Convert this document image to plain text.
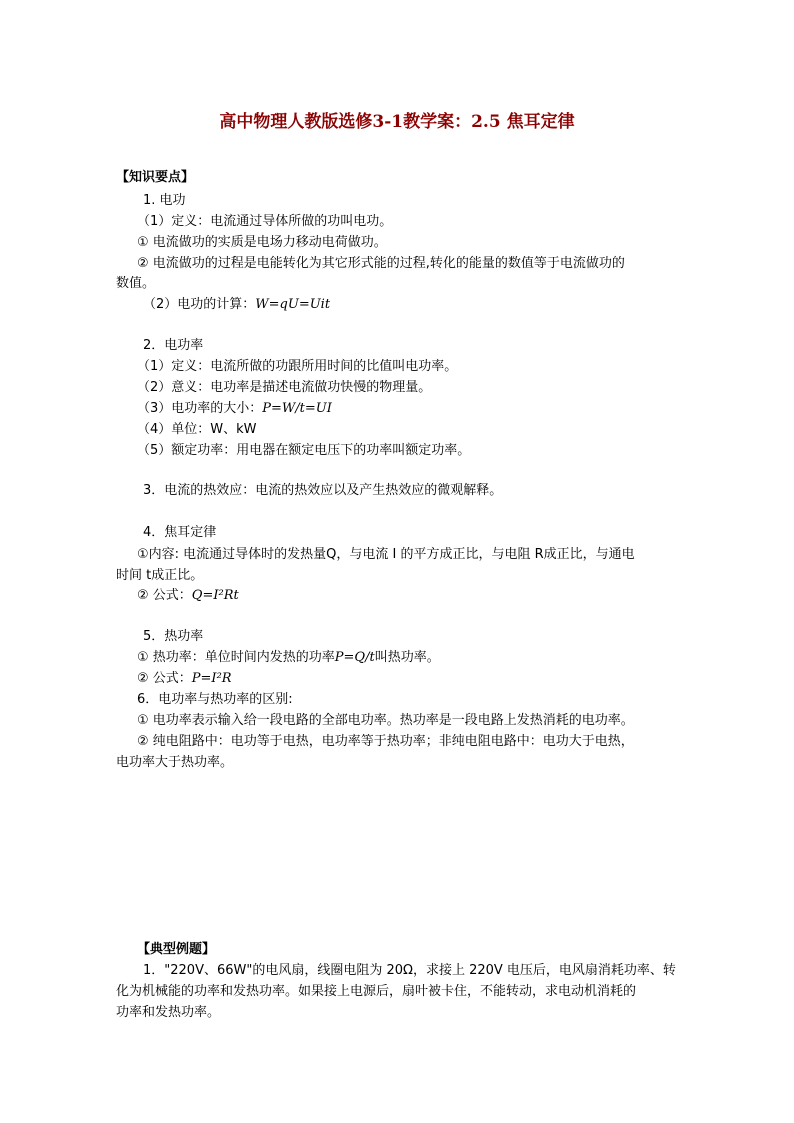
高中物理人教版选修3-1教学案：2.5 焦耳定律
【知识要点】
1. 电功
（1）定义：电流通过导体所做的功叫电功。
① 电流做功的实质是电场力移动电荷做功。
② 电流做功的过程是电能转化为其它形式能的过程,转化的能量的数值等于电流做功的
数值。
（2）电功的计算：W=qU=Uit
2．电功率
（1）定义：电流所做的功跟所用时间的比值叫电功率。
（2）意义：电功率是描述电流做功快慢的物理量。
（3）电功率的大小：P=W/t=UI
（4）单位：W、kW
（5）额定功率：用电器在额定电压下的功率叫额定功率。
3．电流的热效应：电流的热效应以及产生热效应的微观解释。
4．焦耳定律
①内容: 电流通过导体时的发热量Q，与电流 I 的平方成正比，与电阻 R成正比，与通电
时间 t成正比。
② 公式：Q=I²Rt
5．热功率
① 热功率：单位时间内发热的功率P=Q/t叫热功率。
② 公式：P=I²R
6．电功率与热功率的区别:
① 电功率表示输入给一段电路的全部电功率。热功率是一段电路上发热消耗的电功率。
② 纯电阻路中：电功等于电热，电功率等于热功率；非纯电阻电路中：电功大于电热，
电功率大于热功率。
【典型例题】
1．"220V、66W"的电风扇，线圈电阻为 20Ω，求接上 220V 电压后，电风扇消耗功率、转
化为机械能的功率和发热功率。如果接上电源后，扇叶被卡住，不能转动，求电动机消耗的
功率和发热功率。
